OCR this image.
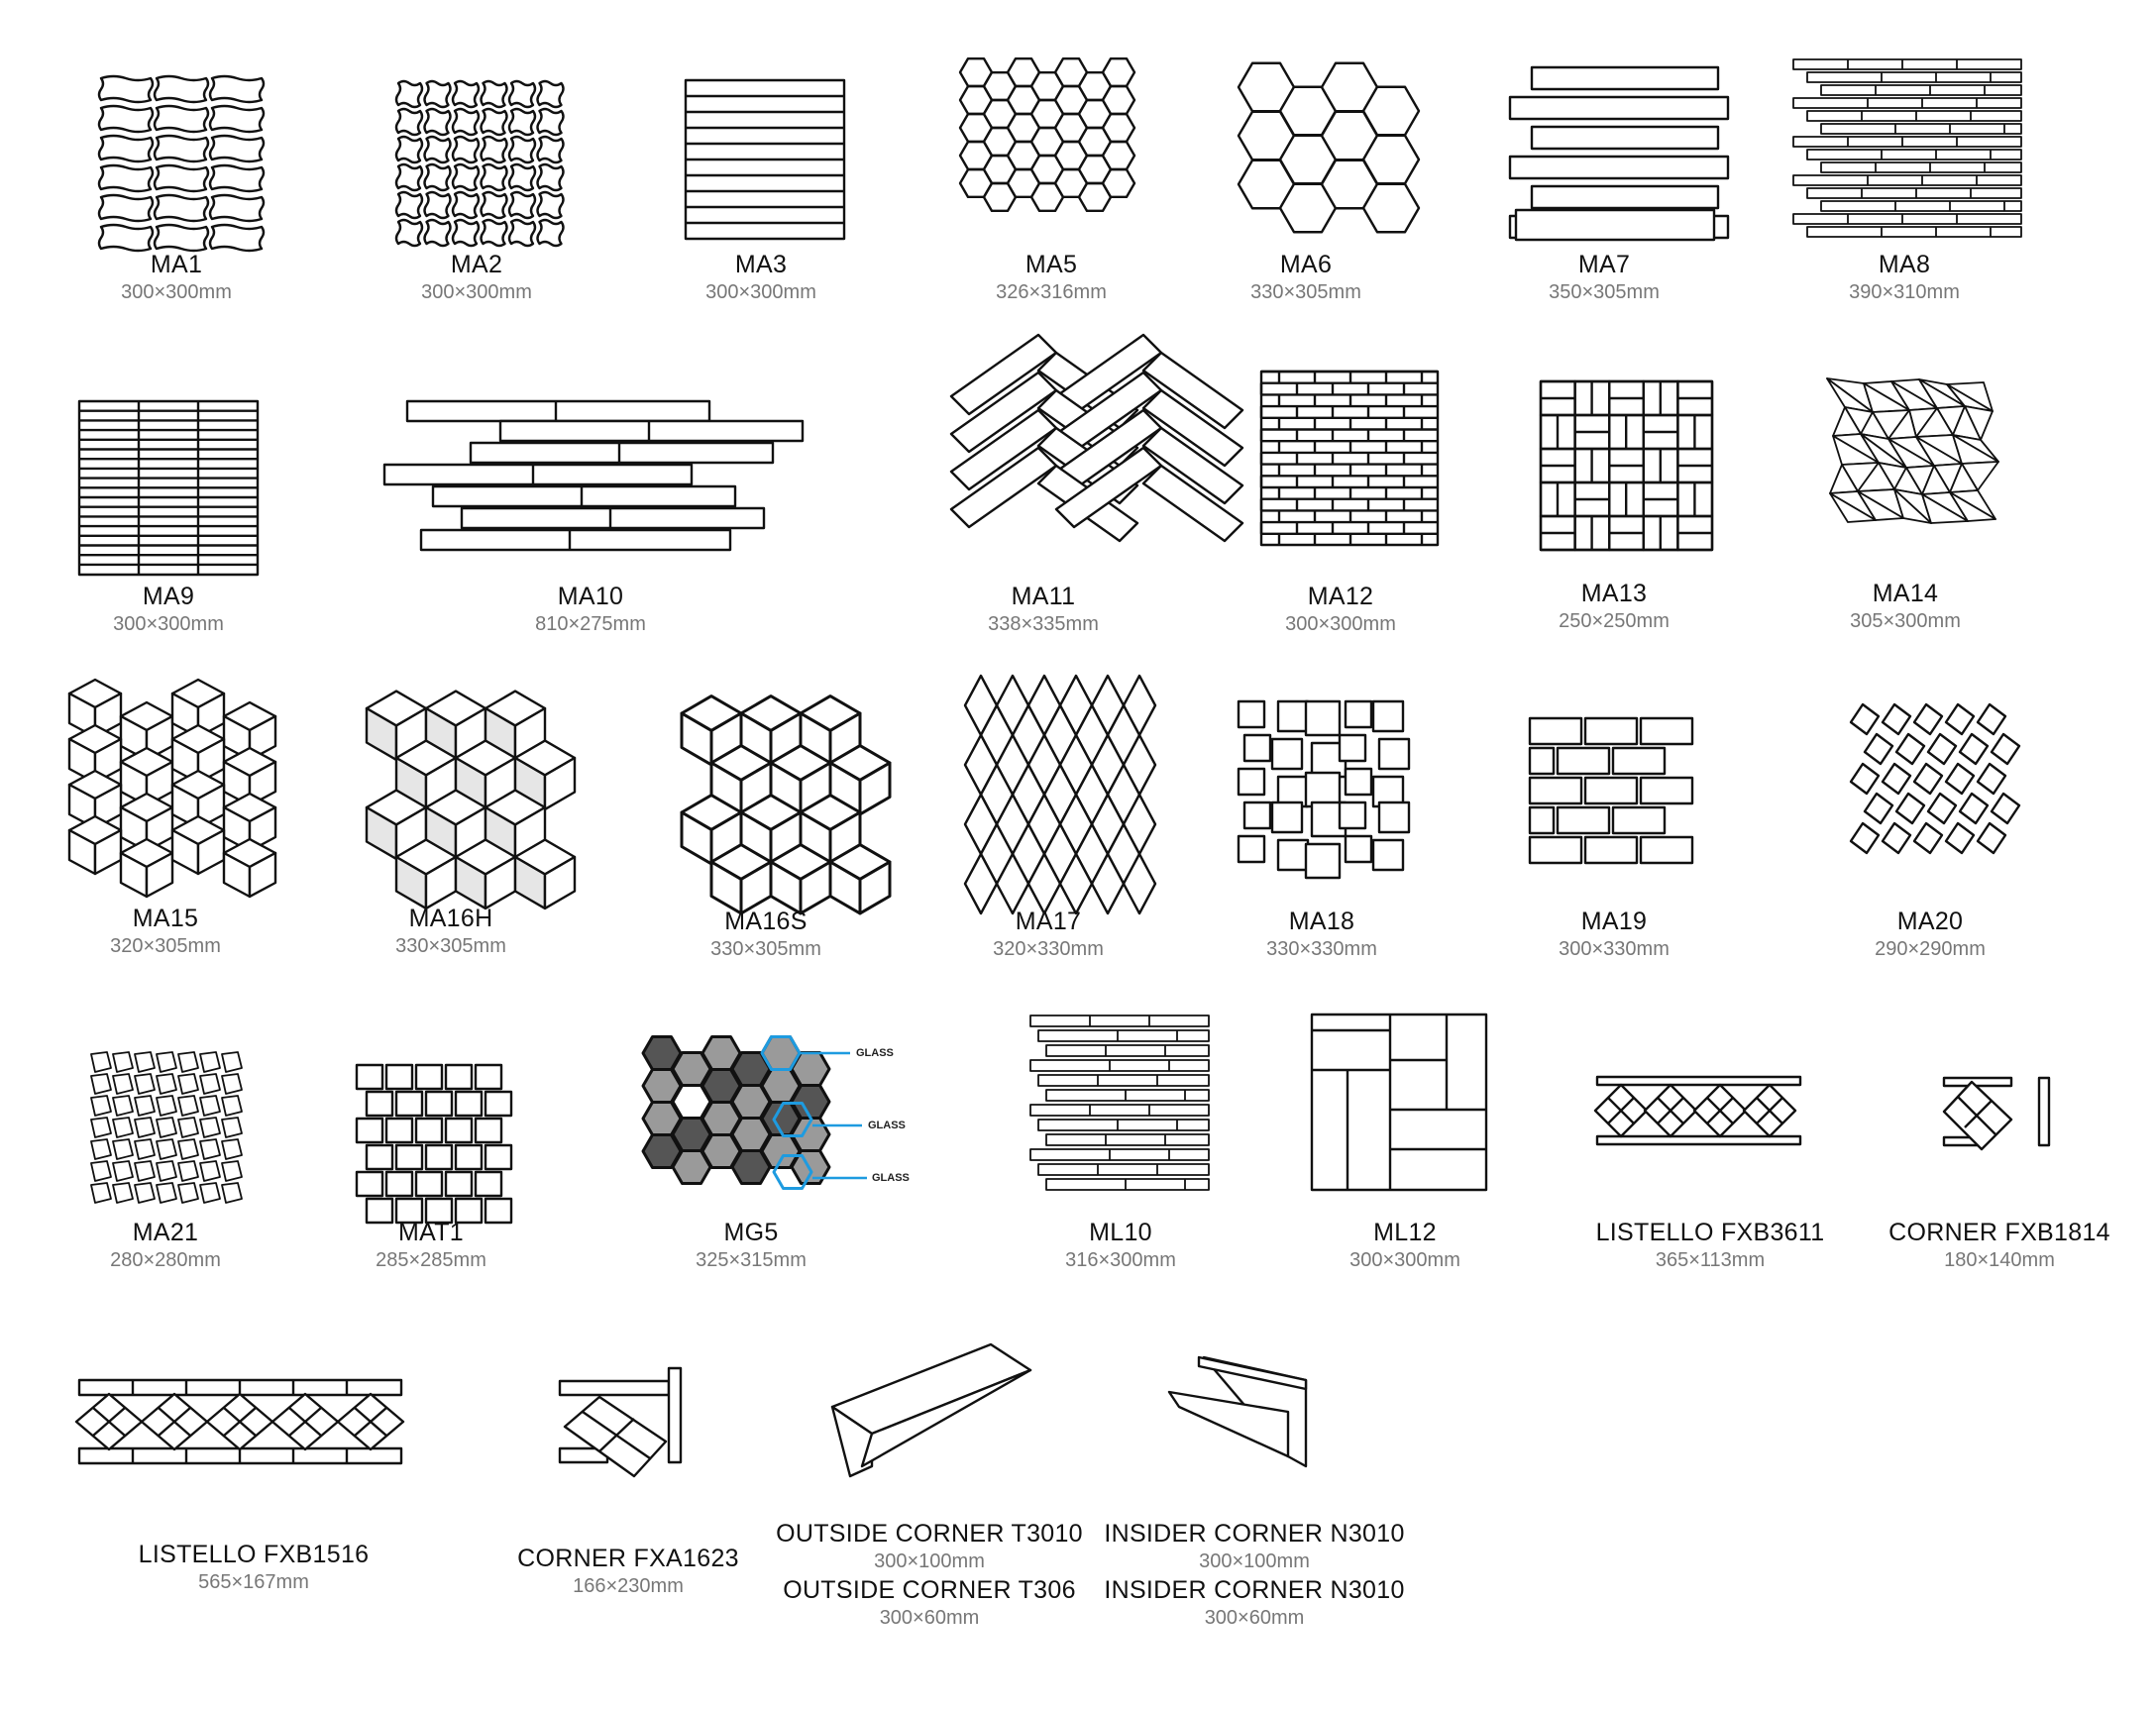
MA1
300×300mm
MA2
300×300mm
MA3
300×300mm
MA5
326×316mm
MA6
330×305mm
MA7
350×305mm
MA8
390×310mm
MA9
300×300mm
MA10
810×275mm
MA11
338×335mm
MA12
300×300mm
MA13
250×250mm
MA14
305×300mm
MA15
320×305mm
MA16H
330×305mm
MA16S
330×305mm
MA17
320×330mm
MA18
330×330mm
MA19
300×330mm
MA20
290×290mm
MA21
280×280mm
MAT1
285×285mm
MG5
325×315mm
ML10
316×300mm
ML12
300×300mm
LISTELLO FXB3611
365×113mm
CORNER FXB1814
180×140mm
LISTELLO FXB1516
565×167mm
CORNER FXA1623
166×230mm
OUTSIDE CORNER T3010
300×100mm
OUTSIDE CORNER T306
300×60mm
INSIDER CORNER N3010
300×100mm
INSIDER CORNER N3010
300×60mm
GLASS
GLASS
GLASS
